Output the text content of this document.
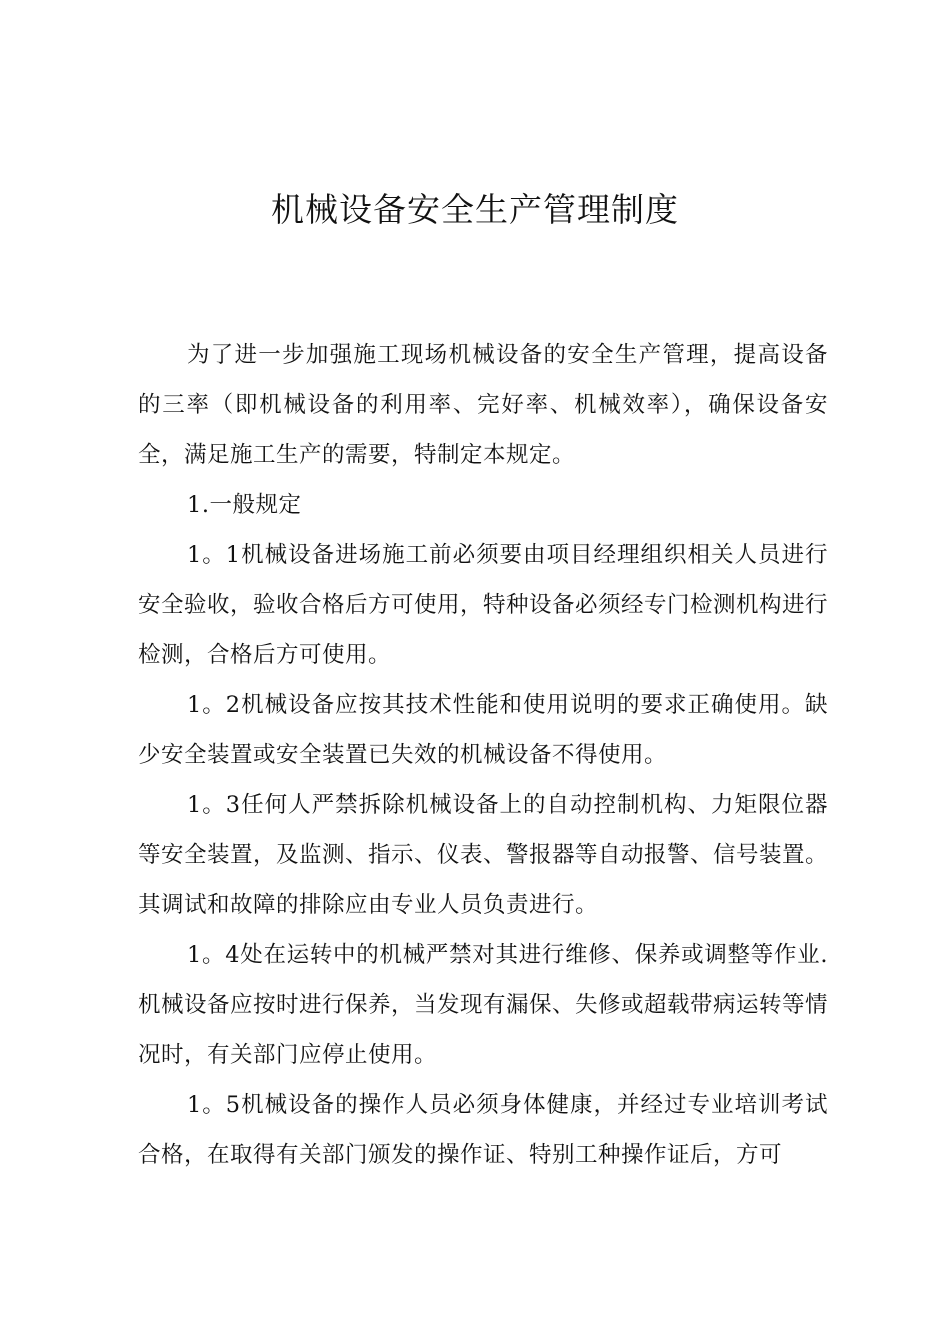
机械设备安全生产管理制度

为了进一步加强施工现场机械设备的安全生产管理，提高设备的三率（即机械设备的利用率、完好率、机械效率），确保设备安全，满足施工生产的需要，特制定本规定。

1.一般规定

1。1机械设备进场施工前必须要由项目经理组织相关人员进行安全验收，验收合格后方可使用，特种设备必须经专门检测机构进行检测，合格后方可使用。

1。2机械设备应按其技术性能和使用说明的要求正确使用。缺少安全装置或安全装置已失效的机械设备不得使用。

1。3任何人严禁拆除机械设备上的自动控制机构、力矩限位器等安全装置，及监测、指示、仪表、警报器等自动报警、信号装置。其调试和故障的排除应由专业人员负责进行。

1。4处在运转中的机械严禁对其进行维修、保养或调整等作业.机械设备应按时进行保养，当发现有漏保、失修或超载带病运转等情况时，有关部门应停止使用。

1。5机械设备的操作人员必须身体健康，并经过专业培训考试合格，在取得有关部门颁发的操作证、特别工种操作证后，方可
